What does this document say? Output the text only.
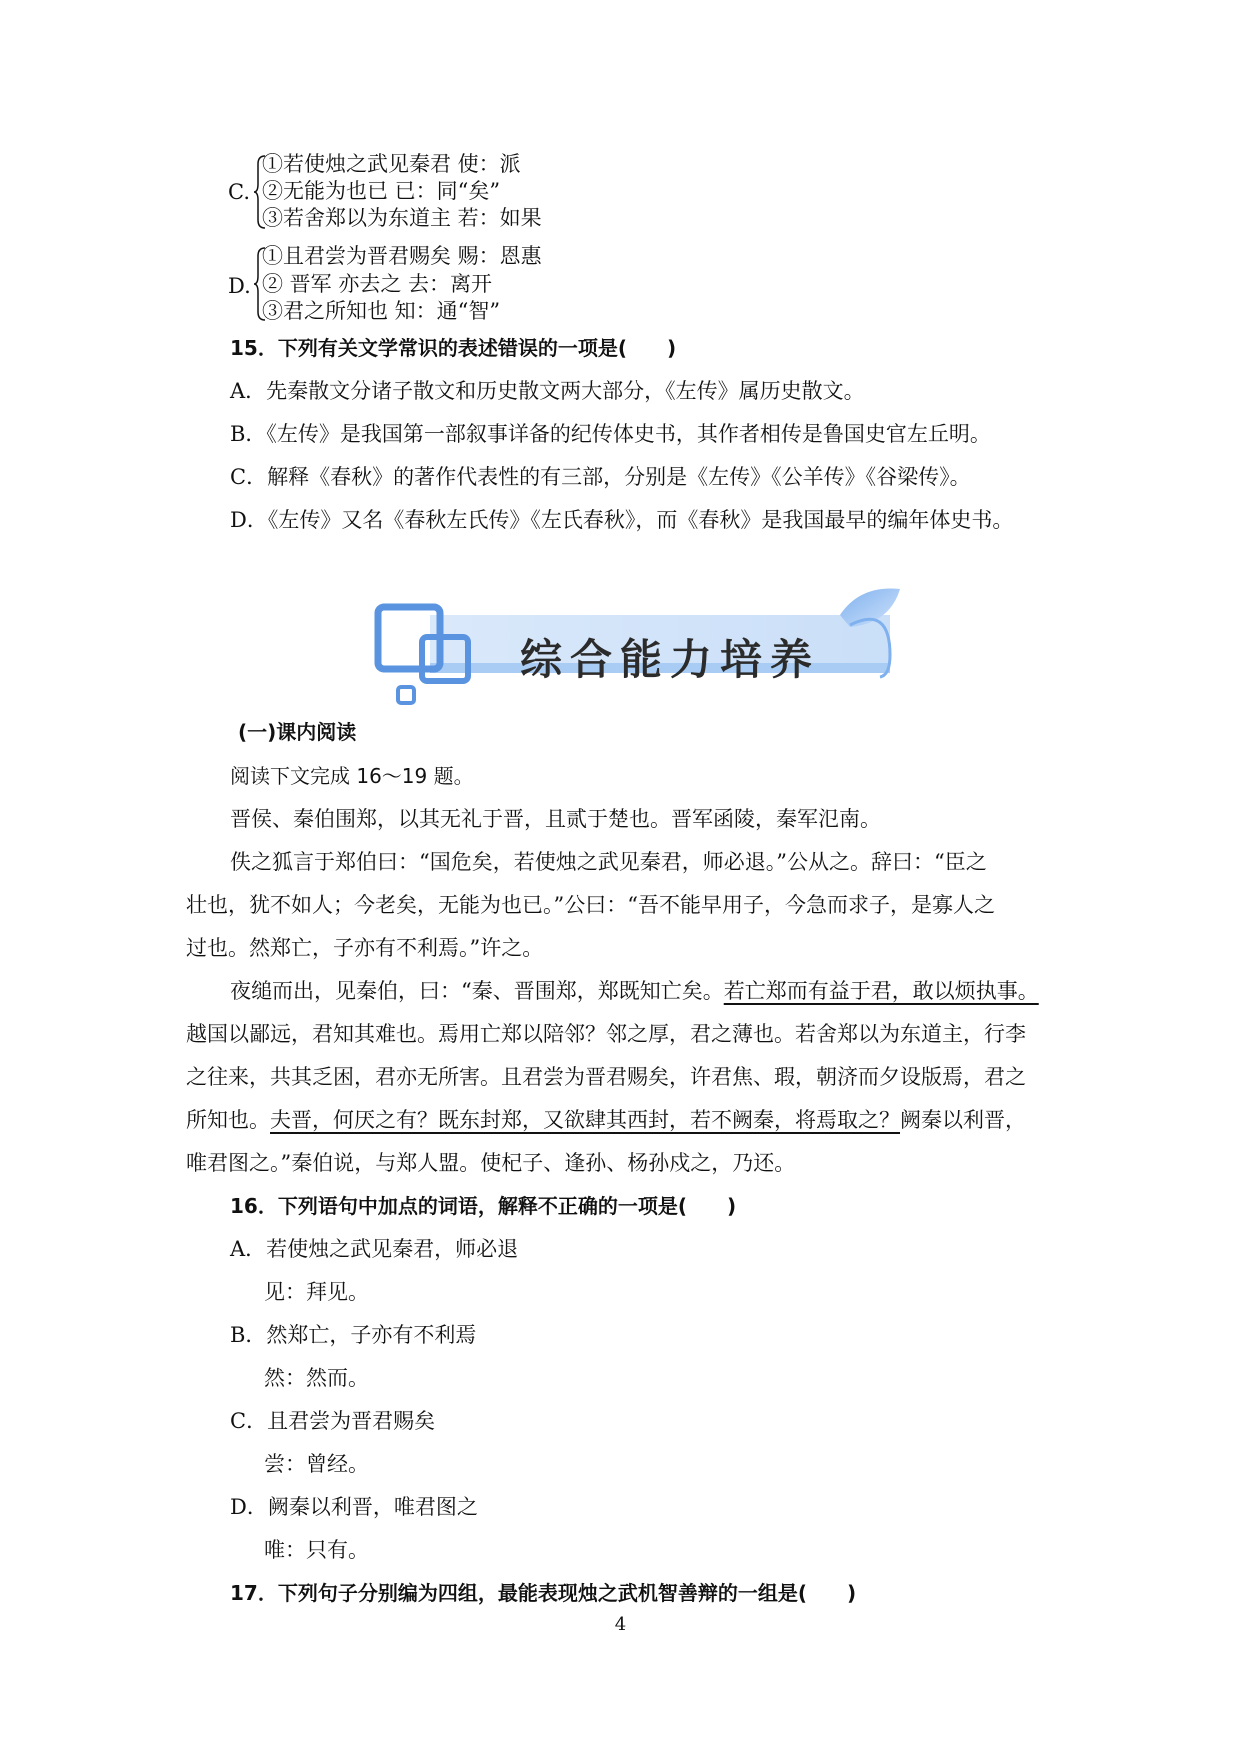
C.
①若使烛之武见秦君 使：派
②无能为也已 已：同“矣”
③若舍郑以为东道主 若：如果
D.
①且君尝为晋君赐矣 赐：恩惠
② 晋军 亦去之 去：离开
③君之所知也 知：通“智”
15．下列有关文学常识的表述错误的一项是(　　)
A．先秦散文分诸子散文和历史散文两大部分，《左传》属历史散文。
B．《左传》是我国第一部叙事详备的纪传体史书，其作者相传是鲁国史官左丘明。
C．解释《春秋》的著作代表性的有三部，分别是《左传》《公羊传》《谷梁传》。
D．《左传》又名《春秋左氏传》《左氏春秋》，而《春秋》是我国最早的编年体史书。
综合能力培养
(一)课内阅读
阅读下文完成 16～19 题。
晋侯、秦伯围郑，以其无礼于晋，且贰于楚也。晋军函陵，秦军氾南。
佚之狐言于郑伯曰：“国危矣，若使烛之武见秦君，师必退。”公从之。辞曰：“臣之
壮也，犹不如人；今老矣，无能为也已。”公曰：“吾不能早用子，今急而求子，是寡人之
过也。然郑亡，子亦有不利焉。”许之。
夜缒而出，见秦伯，曰：“秦、晋围郑，郑既知亡矣。若亡郑而有益于君，敢以烦执事。
越国以鄙远，君知其难也。焉用亡郑以陪邻？邻之厚，君之薄也。若舍郑以为东道主，行李
之往来，共其乏困，君亦无所害。且君尝为晋君赐矣，许君焦、瑕，朝济而夕设版焉，君之
所知也。夫晋，何厌之有？既东封郑，又欲肆其西封，若不阙秦，将焉取之？阙秦以利晋，
唯君图之。”秦伯说，与郑人盟。使杞子、逢孙、杨孙戍之，乃还。
16．下列语句中加点的词语，解释不正确的一项是(　　)
A．若使烛之武见秦君，师必退
见：拜见。
B．然郑亡，子亦有不利焉
然：然而。
C．且君尝为晋君赐矣
尝：曾经。
D．阙秦以利晋，唯君图之
唯：只有。
17．下列句子分别编为四组，最能表现烛之武机智善辩的一组是(　　)
4
